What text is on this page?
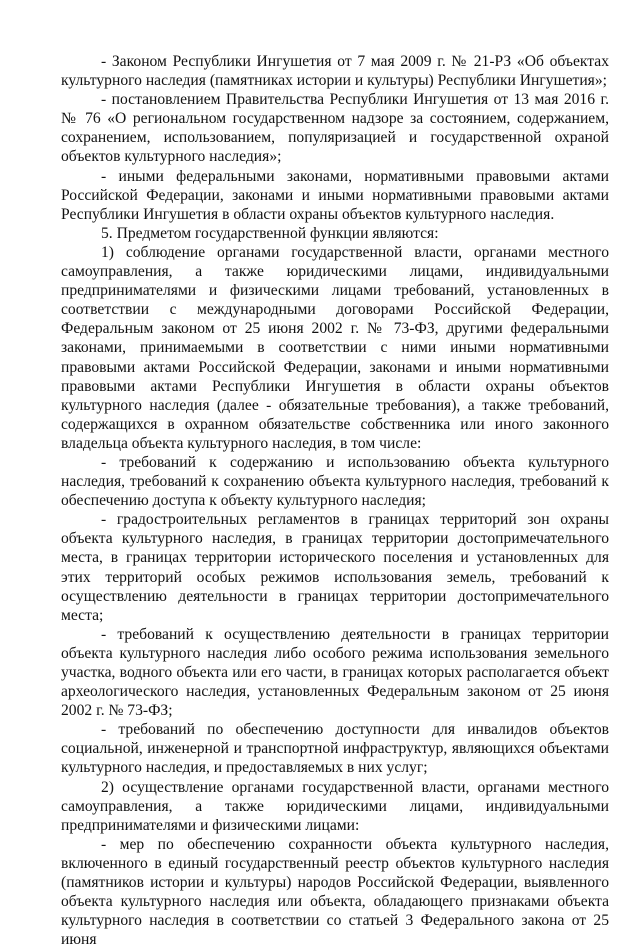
- Законом Республики Ингушетия от 7 мая 2009 г. № 21-РЗ «Об объектах культурного наследия (памятниках истории и культуры) Республики Ингушетия»;

- постановлением Правительства Республики Ингушетия от 13 мая 2016 г. № 76 «О региональном государственном надзоре за состоянием, содержанием, сохранением, использованием, популяризацией и государственной охраной объектов культурного наследия»;

- иными федеральными законами, нормативными правовыми актами Российской Федерации, законами и иными нормативными правовыми актами Республики Ингушетия в области охраны объектов культурного наследия.

5. Предметом государственной функции являются:

1) соблюдение органами государственной власти, органами местного самоуправления, а также юридическими лицами, индивидуальными предпринимателями и физическими лицами требований, установленных в соответствии с международными договорами Российской Федерации, Федеральным законом от 25 июня 2002 г. № 73-ФЗ, другими федеральными законами, принимаемыми в соответствии с ними иными нормативными правовыми актами Российской Федерации, законами и иными нормативными правовыми актами Республики Ингушетия в области охраны объектов культурного наследия (далее - обязательные требования), а также требований, содержащихся в охранном обязательстве собственника или иного законного владельца объекта культурного наследия, в том числе:

- требований к содержанию и использованию объекта культурного наследия, требований к сохранению объекта культурного наследия, требований к обеспечению доступа к объекту культурного наследия;

- градостроительных регламентов в границах территорий зон охраны объекта культурного наследия, в границах территории достопримечательного места, в границах территории исторического поселения и установленных для этих территорий особых режимов использования земель, требований к осуществлению деятельности в границах территории достопримечательного места;

- требований к осуществлению деятельности в границах территории объекта культурного наследия либо особого режима использования земельного участка, водного объекта или его части, в границах которых располагается объект археологического наследия, установленных Федеральным законом от 25 июня 2002 г. № 73-ФЗ;

- требований по обеспечению доступности для инвалидов объектов социальной, инженерной и транспортной инфраструктур, являющихся объектами культурного наследия, и предоставляемых в них услуг;

2) осуществление органами государственной власти, органами местного самоуправления, а также юридическими лицами, индивидуальными предпринимателями и физическими лицами:

- мер по обеспечению сохранности объекта культурного наследия, включенного в единый государственный реестр объектов культурного наследия (памятников истории и культуры) народов Российской Федерации, выявленного объекта культурного наследия или объекта, обладающего признаками объекта культурного наследия в соответствии со статьей 3 Федерального закона от 25 июня
